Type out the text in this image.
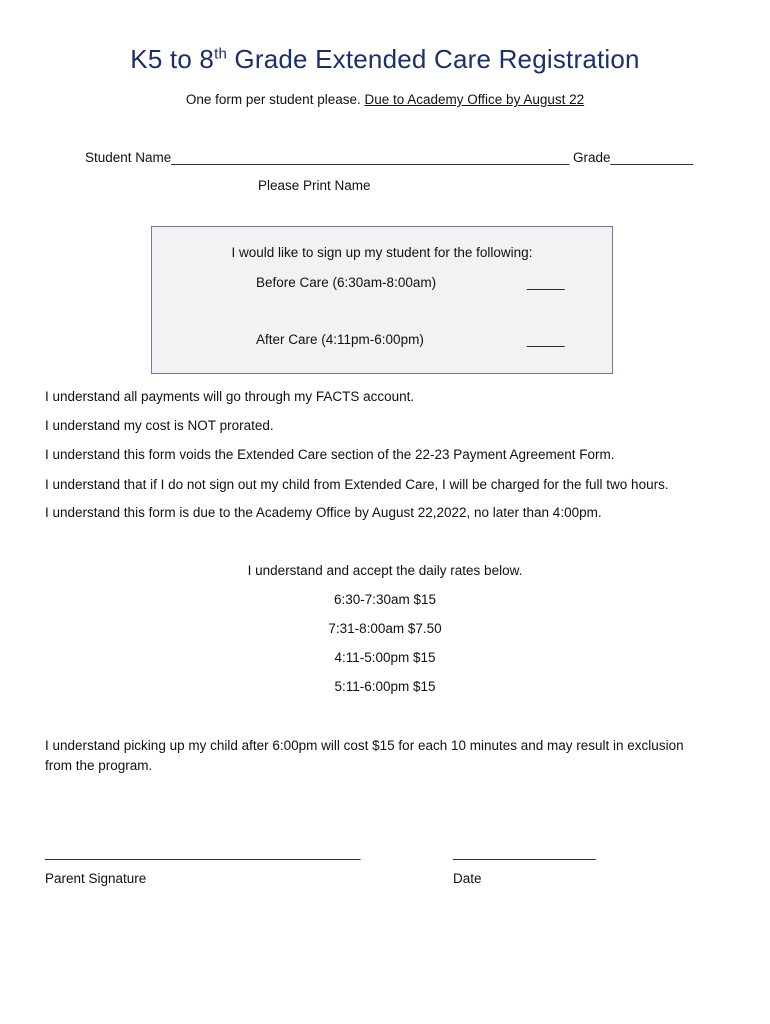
K5 to 8th Grade Extended Care Registration
One form per student please. Due to Academy Office by August 22
Student Name_____________________________________________________ Grade___________
Please Print Name
I would like to sign up my student for the following:
Before Care (6:30am-8:00am)	_____
After Care (4:11pm-6:00pm)	_____
I understand all payments will go through my FACTS account.
I understand my cost is NOT prorated.
I understand this form voids the Extended Care section of the 22-23 Payment Agreement Form.
I understand that if I do not sign out my child from Extended Care, I will be charged for the full two hours.
I understand this form is due to the Academy Office by August 22,2022, no later than 4:00pm.
I understand and accept the daily rates below.
6:30-7:30am $15
7:31-8:00am $7.50
4:11-5:00pm $15
5:11-6:00pm $15
I understand picking up my child after 6:00pm will cost $15 for each 10 minutes and may result in exclusion from the program.
__________________________________________
Parent Signature
___________________
Date
